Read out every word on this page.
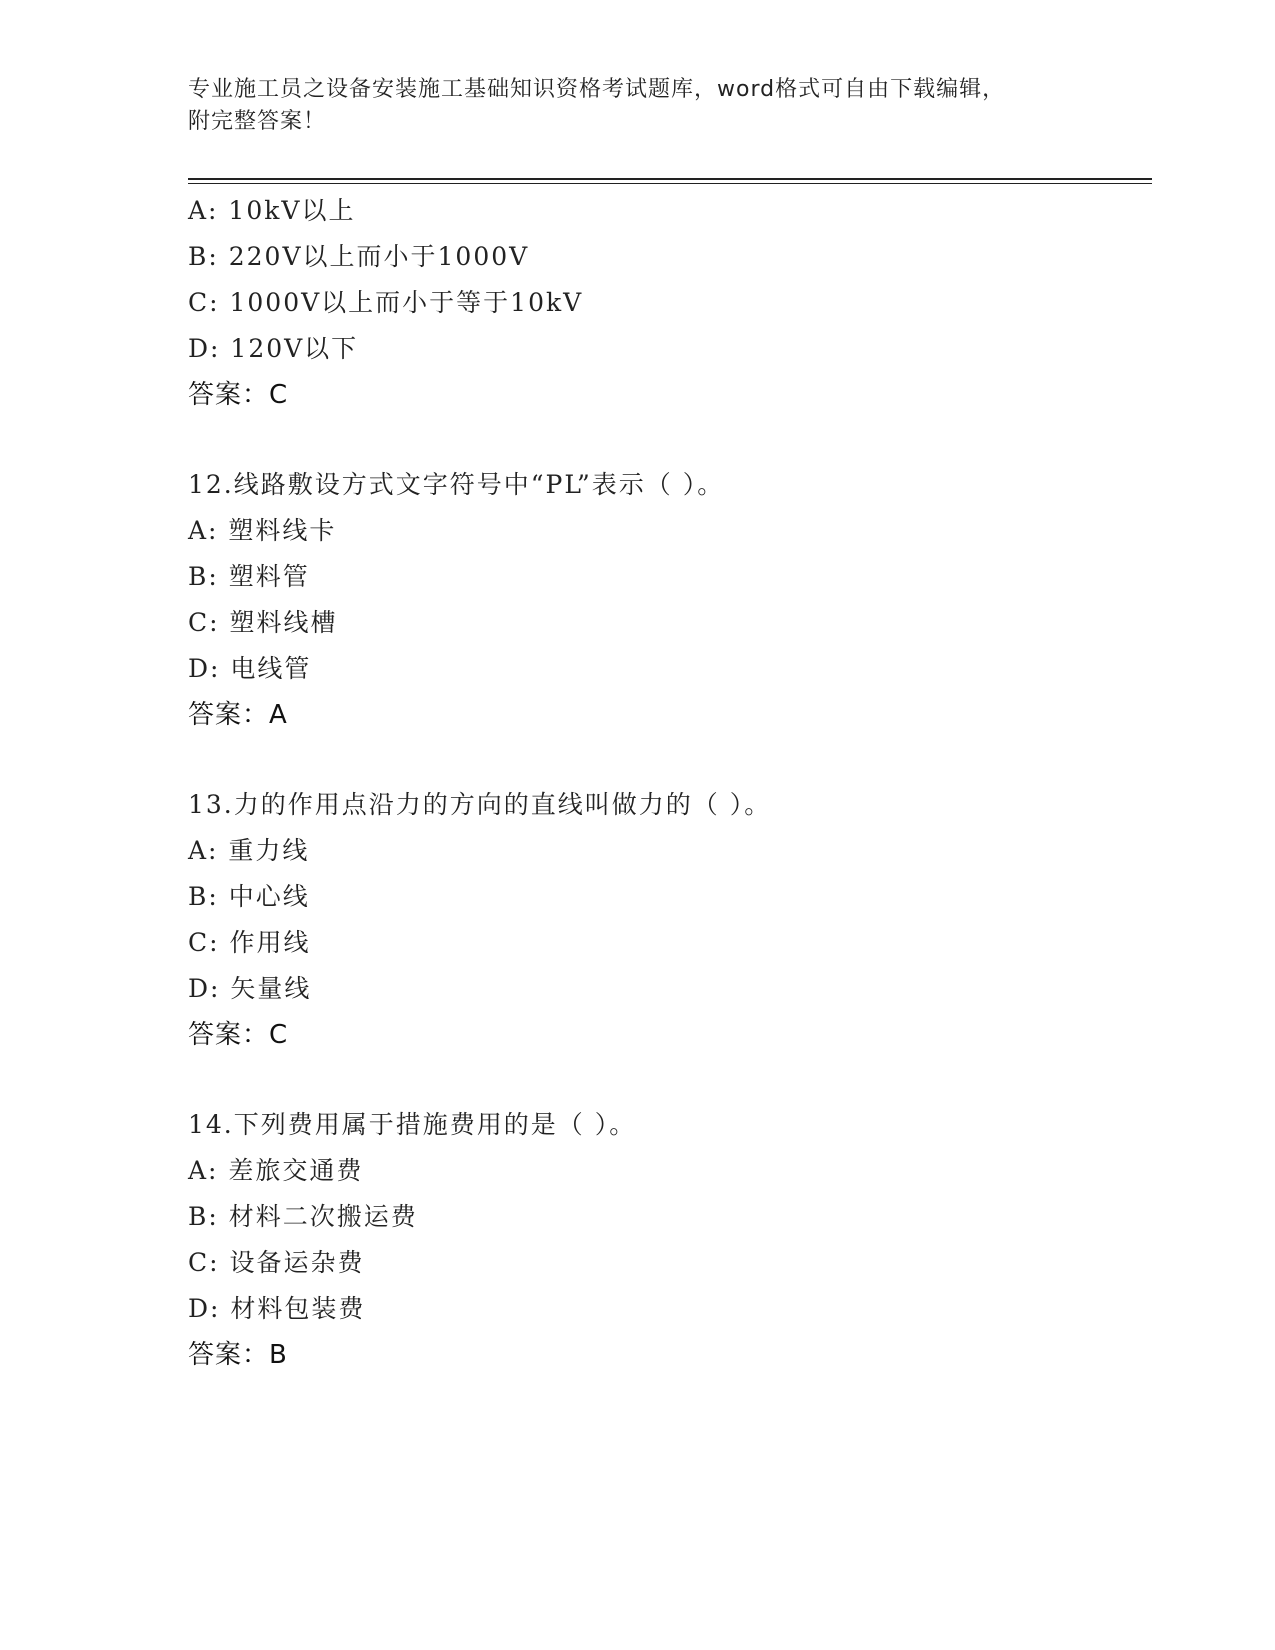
专业施工员之设备安装施工基础知识资格考试题库，word格式可自由下载编辑，
附完整答案！
A: 10kV以上
B: 220V以上而小于1000V
C: 1000V以上而小于等于10kV
D: 120V以下
答案：C
12.线路敷设方式文字符号中“PL”表示（ ）。
A: 塑料线卡
B: 塑料管
C: 塑料线槽
D: 电线管
答案：A
13.力的作用点沿力的方向的直线叫做力的（ ）。
A: 重力线
B: 中心线
C: 作用线
D: 矢量线
答案：C
14.下列费用属于措施费用的是（ ）。
A: 差旅交通费
B: 材料二次搬运费
C: 设备运杂费
D: 材料包装费
答案：B
